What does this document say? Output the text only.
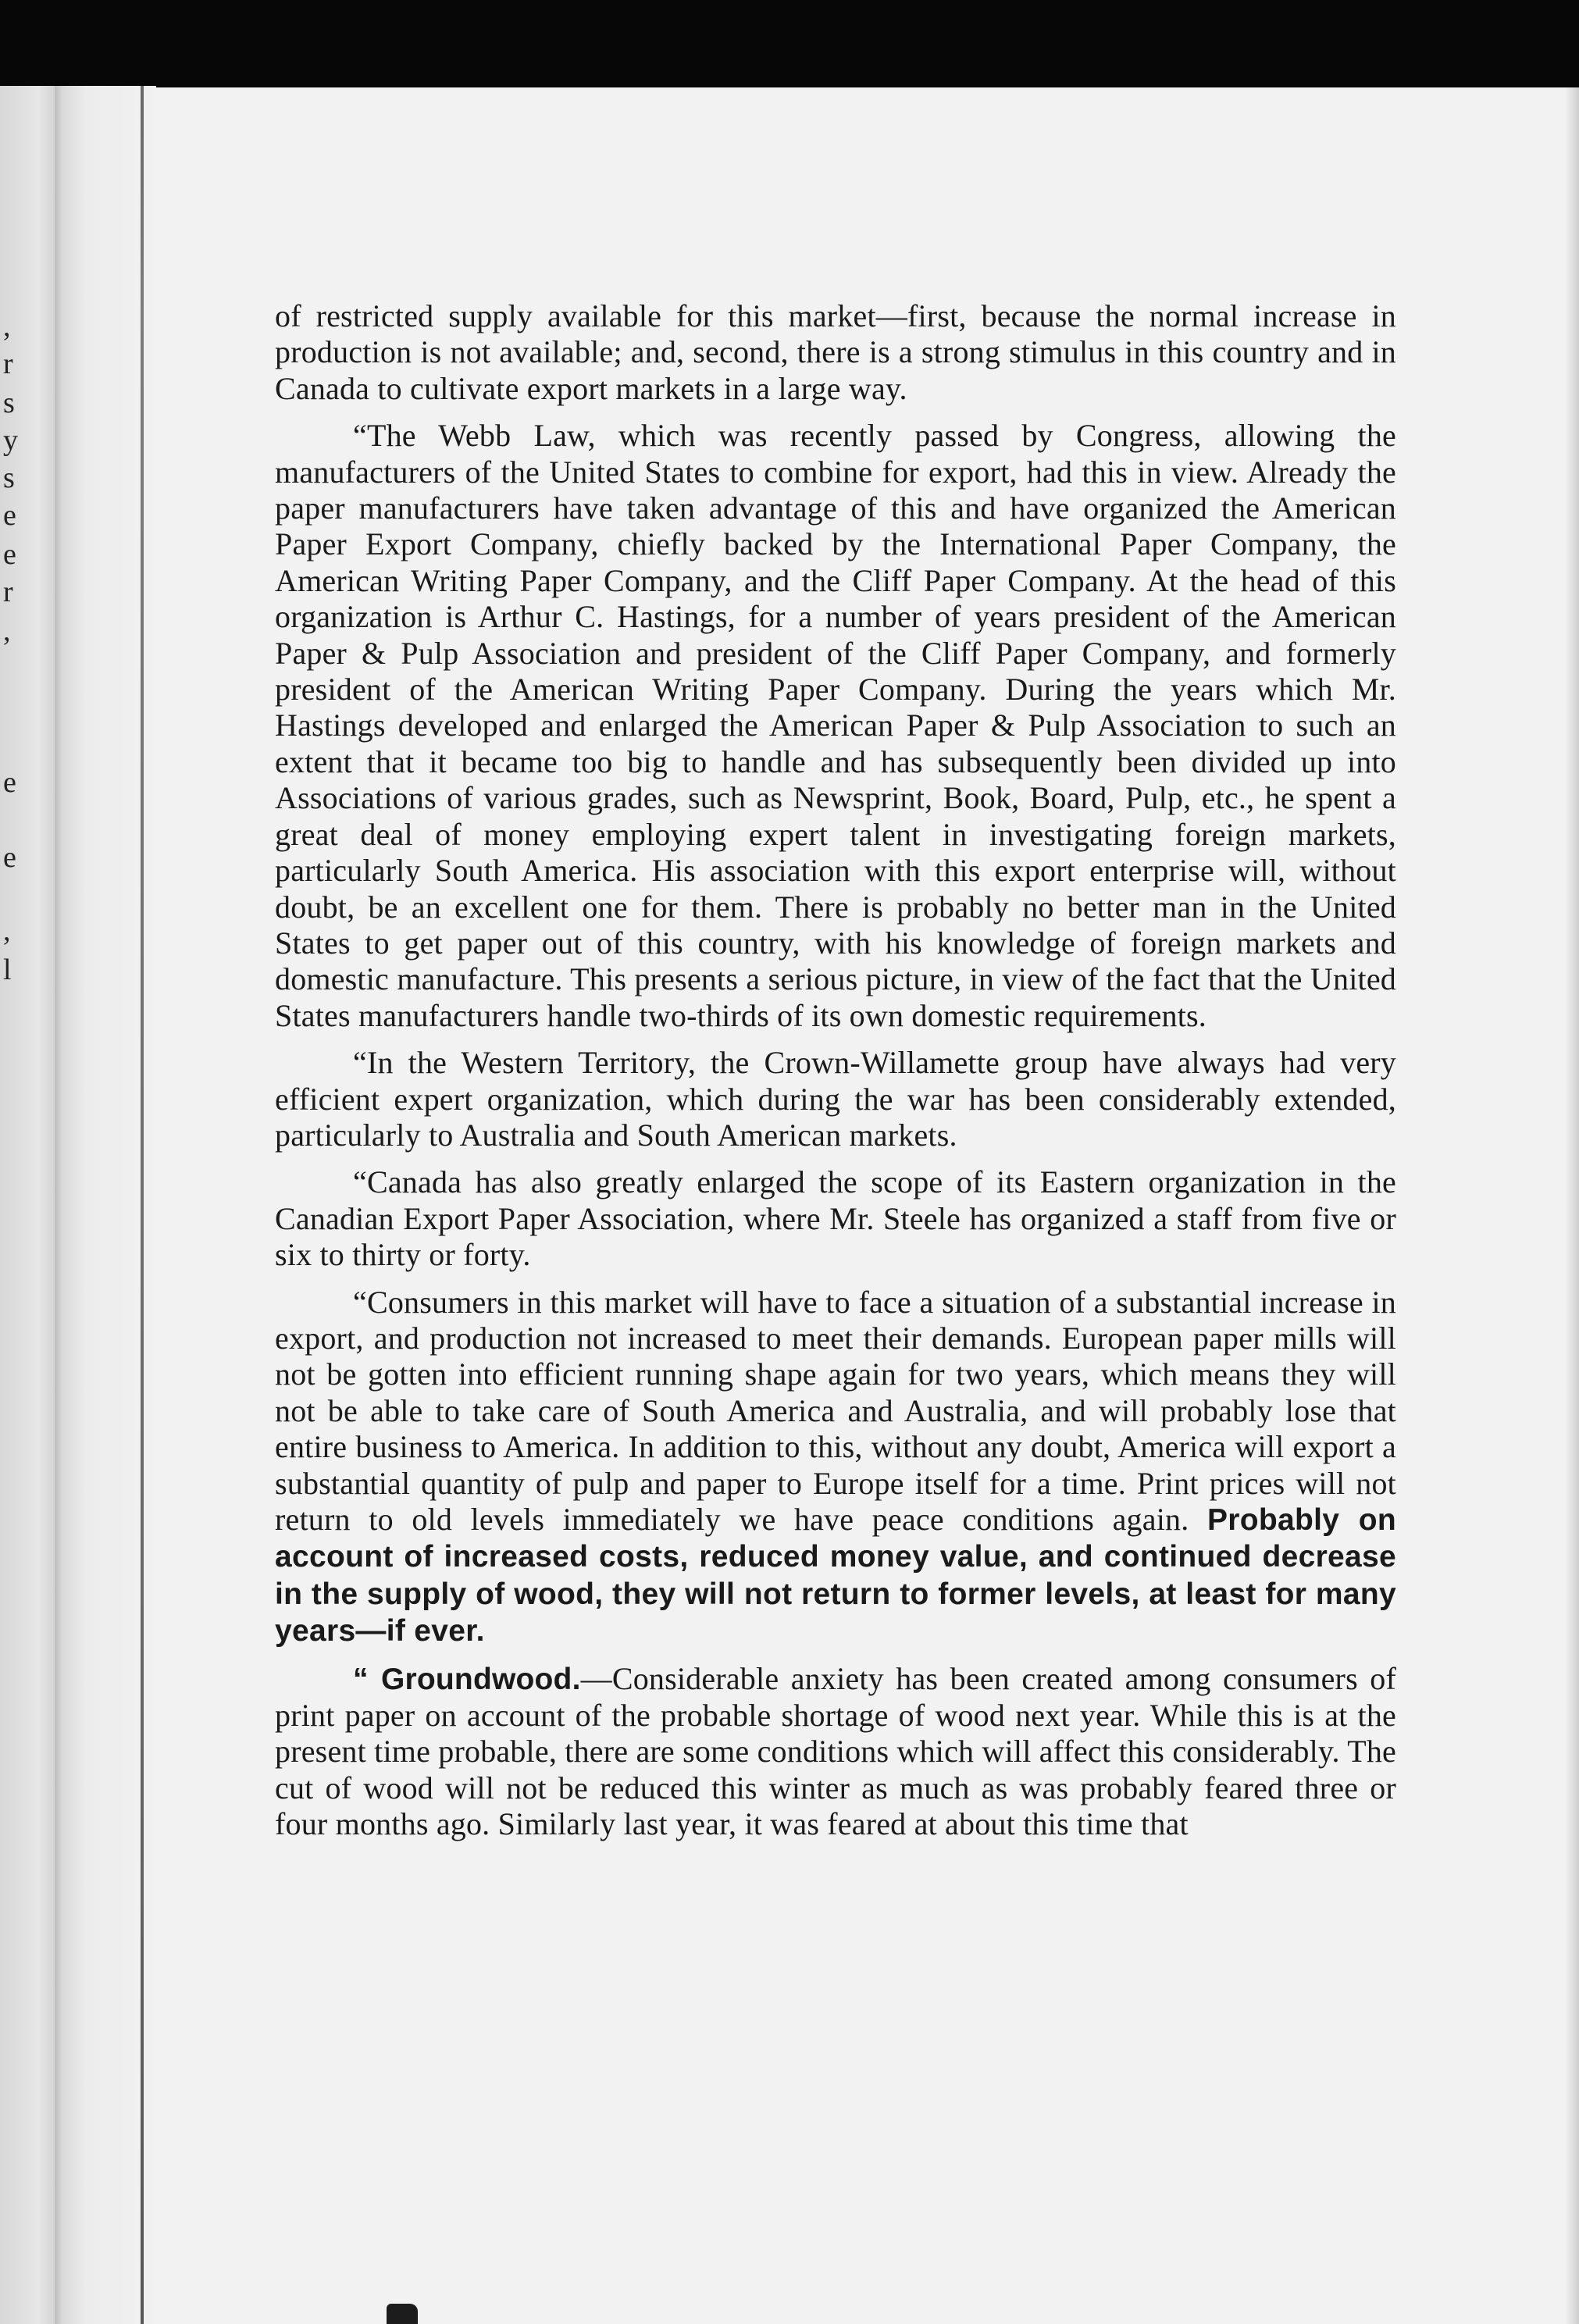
,
r
s
y
s
e
e
r
,
e
e
,
l

of restricted supply available for this market—first, because the normal increase in production is not available; and, second, there is a strong stimulus in this country and in Canada to cultivate export markets in a large way.

“The Webb Law, which was recently passed by Congress, allowing the manufacturers of the United States to combine for export, had this in view. Already the paper manufacturers have taken advantage of this and have organized the American Paper Export Company, chiefly backed by the International Paper Company, the American Writing Paper Company, and the Cliff Paper Company. At the head of this organization is Arthur C. Hastings, for a number of years president of the American Paper & Pulp Association and president of the Cliff Paper Company, and formerly president of the American Writing Paper Company. During the years which Mr. Hastings developed and enlarged the American Paper & Pulp Association to such an extent that it became too big to handle and has subsequently been divided up into Associations of various grades, such as Newsprint, Book, Board, Pulp, etc., he spent a great deal of money employing expert talent in investigating foreign markets, particularly South America. His association with this export enterprise will, without doubt, be an excellent one for them. There is probably no better man in the United States to get paper out of this country, with his knowledge of foreign markets and domestic manufacture. This presents a serious picture, in view of the fact that the United States manufacturers handle two-thirds of its own domestic requirements.

“In the Western Territory, the Crown-Willamette group have always had very efficient expert organization, which during the war has been considerably extended, particularly to Australia and South American markets.

“Canada has also greatly enlarged the scope of its Eastern organization in the Canadian Export Paper Association, where Mr. Steele has organized a staff from five or six to thirty or forty.

“Consumers in this market will have to face a situation of a substantial increase in export, and production not increased to meet their demands. European paper mills will not be gotten into efficient running shape again for two years, which means they will not be able to take care of South America and Australia, and will probably lose that entire business to America. In addition to this, without any doubt, America will export a substantial quantity of pulp and paper to Europe itself for a time. Print prices will not return to old levels immediately we have peace conditions again. Probably on account of increased costs, reduced money value, and continued decrease in the supply of wood, they will not return to former levels, at least for many years—if ever.

“ Groundwood.—Considerable anxiety has been created among consumers of print paper on account of the probable shortage of wood next year. While this is at the present time probable, there are some conditions which will affect this considerably. The cut of wood will not be reduced this winter as much as was probably feared three or four months ago. Similarly last year, it was feared at about this time that
